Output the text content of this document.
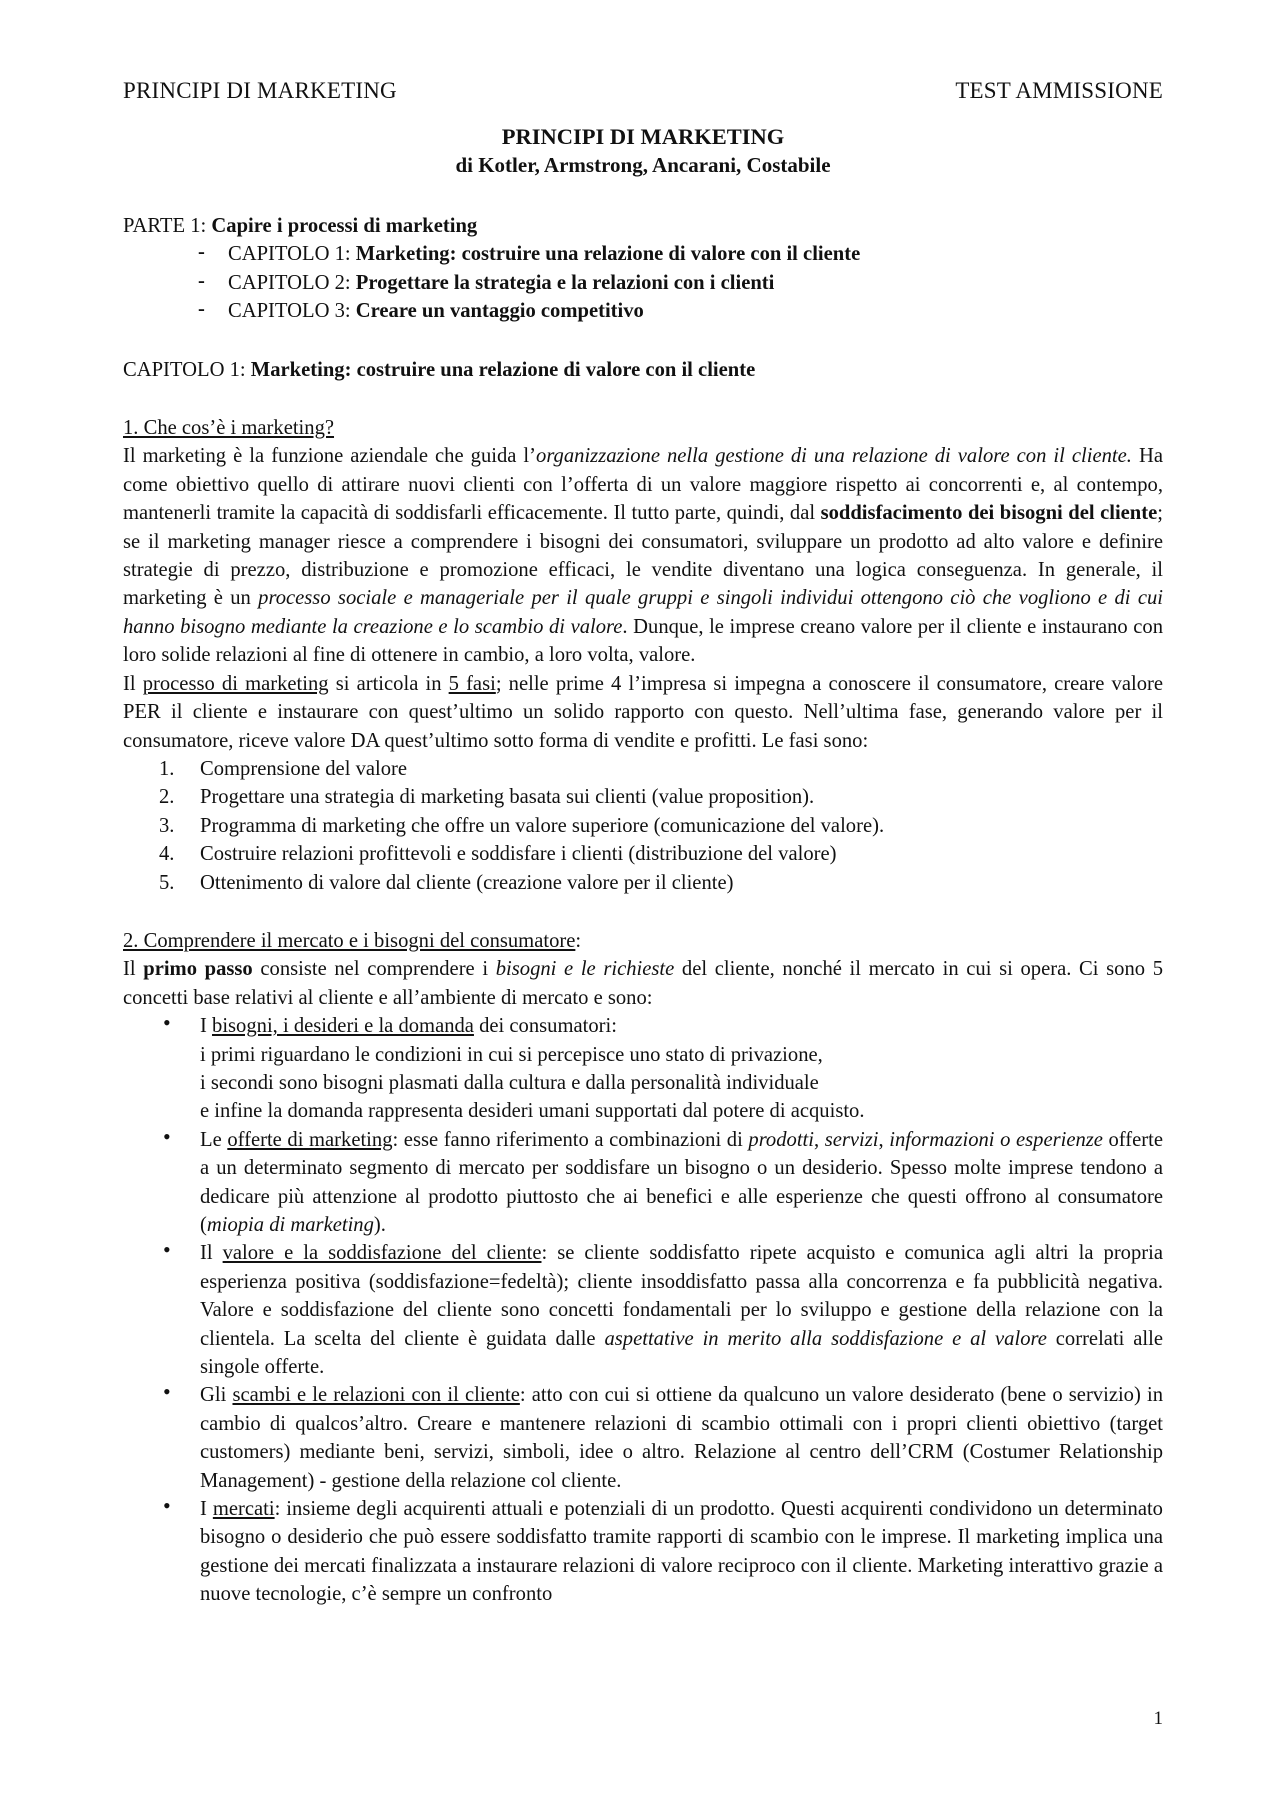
PRINCIPI DI MARKETING	TEST AMMISSIONE
PRINCIPI DI MARKETING
di Kotler, Armstrong, Ancarani, Costabile
PARTE 1: Capire i processi di marketing
- CAPITOLO 1: Marketing: costruire una relazione di valore con il cliente
- CAPITOLO 2: Progettare la strategia e la relazioni con i clienti
- CAPITOLO 3: Creare un vantaggio competitivo
CAPITOLO 1: Marketing: costruire una relazione di valore con il cliente
1. Che cos’è i marketing?

Il marketing è la funzione aziendale che guida l’organizzazione nella gestione di una relazione di valore con il cliente. Ha come obiettivo quello di attirare nuovi clienti con l’offerta di un valore maggiore rispetto ai concorrenti e, al contempo, mantenerli tramite la capacità di soddisfarli efficacemente. Il tutto parte, quindi, dal soddisfacimento dei bisogni del cliente; se il marketing manager riesce a comprendere i bisogni dei consumatori, sviluppare un prodotto ad alto valore e definire strategie di prezzo, distribuzione e promozione efficaci, le vendite diventano una logica conseguenza. In generale, il marketing è un processo sociale e manageriale per il quale gruppi e singoli individui ottengono ciò che vogliono e di cui hanno bisogno mediante la creazione e lo scambio di valore. Dunque, le imprese creano valore per il cliente e instaurano con loro solide relazioni al fine di ottenere in cambio, a loro volta, valore.

Il processo di marketing si articola in 5 fasi; nelle prime 4 l’impresa si impegna a conoscere il consumatore, creare valore PER il cliente e instaurare con quest’ultimo un solido rapporto con questo. Nell’ultima fase, generando valore per il consumatore, riceve valore DA quest’ultimo sotto forma di vendite e profitti. Le fasi sono:

1. Comprensione del valore
2. Progettare una strategia di marketing basata sui clienti (value proposition).
3. Programma di marketing che offre un valore superiore (comunicazione del valore).
4. Costruire relazioni profittevoli e soddisfare i clienti (distribuzione del valore)
5. Ottenimento di valore dal cliente (creazione valore per il cliente)
2. Comprendere il mercato e i bisogni del consumatore:

Il primo passo consiste nel comprendere i bisogni e le richieste del cliente, nonché il mercato in cui si opera. Ci sono 5 concetti base relativi al cliente e all’ambiente di mercato e sono:

• I bisogni, i desideri e la domanda dei consumatori:
i primi riguardano le condizioni in cui si percepisce uno stato di privazione,
i secondi sono bisogni plasmati dalla cultura e dalla personalità individuale
e infine la domanda rappresenta desideri umani supportati dal potere di acquisto.
• Le offerte di marketing: esse fanno riferimento a combinazioni di prodotti, servizi, informazioni o esperienze offerte a un determinato segmento di mercato per soddisfare un bisogno o un desiderio. Spesso molte imprese tendono a dedicare più attenzione al prodotto piuttosto che ai benefici e alle esperienze che questi offrono al consumatore (miopia di marketing).
• Il valore e la soddisfazione del cliente: se cliente soddisfatto ripete acquisto e comunica agli altri la propria esperienza positiva (soddisfazione=fedeltà); cliente insoddisfatto passa alla concorrenza e fa pubblicità negativa. Valore e soddisfazione del cliente sono concetti fondamentali per lo sviluppo e gestione della relazione con la clientela. La scelta del cliente è guidata dalle aspettative in merito alla soddisfazione e al valore correlati alle singole offerte.
• Gli scambi e le relazioni con il cliente: atto con cui si ottiene da qualcuno un valore desiderato (bene o servizio) in cambio di qualcos’altro. Creare e mantenere relazioni di scambio ottimali con i propri clienti obiettivo (target customers) mediante beni, servizi, simboli, idee o altro. Relazione al centro dell’CRM (Costumer Relationship Management) - gestione della relazione col cliente.
• I mercati: insieme degli acquirenti attuali e potenziali di un prodotto. Questi acquirenti condividono un determinato bisogno o desiderio che può essere soddisfatto tramite rapporti di scambio con le imprese. Il marketing implica una gestione dei mercati finalizzata a instaurare relazioni di valore reciproco con il cliente. Marketing interattivo grazie a nuove tecnologie, c’è sempre un confronto
1
